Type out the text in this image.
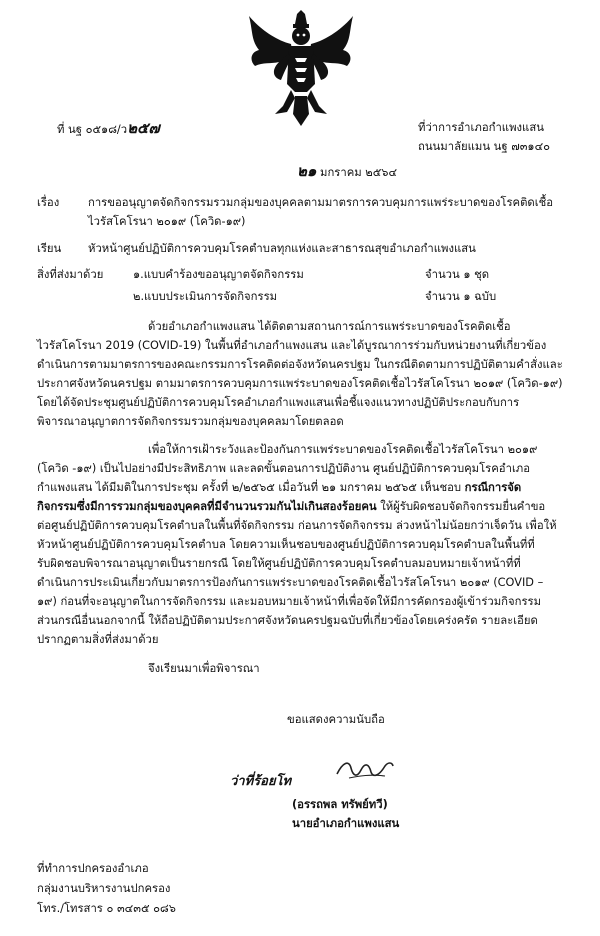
ที่ นฐ ๐๕๑๘/ว๒๕๗	ที่ว่าการอำเภอกำแพงแสน
ถนนมาลัยแมน นฐ ๗๓๑๔๐
๒๑ มกราคม ๒๕๖๔
เรื่อง	การขออนุญาตจัดกิจกรรมรวมกลุ่มของบุคคลตามมาตรการควบคุมการแพร่ระบาดของโรคติดเชื้อ
ไวรัสโคโรนา ๒๐๑๙ (โควิด-๑๙)
เรียน หัวหน้าศูนย์ปฏิบัติการควบคุมโรคตำบลทุกแห่งและสาธารณสุขอำเภอกำแพงแสน
สิ่งที่ส่งมาด้วย	๑.แบบคำร้องขออนุญาตจัดกิจกรรม	จำนวน ๑ ชุด
๒.แบบประเมินการจัดกิจกรรม	จำนวน ๑ ฉบับ
ด้วยอำเภอกำแพงแสน ได้ติดตามสถานการณ์การแพร่ระบาดของโรคติดเชื้อ
ไวรัสโคโรนา 2019 (COVID-19) ในพื้นที่อำเภอกำแพงแสน และได้บูรณาการร่วมกับหน่วยงานที่เกี่ยวข้อง
ดำเนินการตามมาตรการของคณะกรรมการโรคติดต่อจังหวัดนครปฐม ในกรณีติดตามการปฏิบัติตามคำสั่งและ
ประกาศจังหวัดนครปฐม ตามมาตรการควบคุมการแพร่ระบาดของโรคติดเชื้อไวรัสโคโรนา ๒๐๑๙ (โควิด-๑๙)
โดยได้จัดประชุมศูนย์ปฏิบัติการควบคุมโรคอำเภอกำแพงแสนเพื่อชี้แจงแนวทางปฏิบัติประกอบกับการ
พิจารณาอนุญาตการจัดกิจกรรมรวมกลุ่มของบุคคลมาโดยตลอด
เพื่อให้การเฝ้าระวังและป้องกันการแพร่ระบาดของโรคติดเชื้อไวรัสโคโรนา ๒๐๑๙
(โควิด -๑๙) เป็นไปอย่างมีประสิทธิภาพ และลดขั้นตอนการปฏิบัติงาน ศูนย์ปฏิบัติการควบคุมโรคอำเภอ
กำแพงแสน ได้มีมติในการประชุม ครั้งที่ ๒/๒๕๖๕ เมื่อวันที่ ๒๑ มกราคม ๒๕๖๕ เห็นชอบ กรณีการจัด
กิจกรรมซึ่งมีการรวมกลุ่มของบุคคลที่มีจำนวนรวมกันไม่เกินสองร้อยคน ให้ผู้รับผิดชอบจัดกิจกรรมยื่นคำขอ
ต่อศูนย์ปฏิบัติการควบคุมโรคตำบลในพื้นที่จัดกิจกรรม ก่อนการจัดกิจกรรม ล่วงหน้าไม่น้อยกว่าเจ็ดวัน เพื่อให้
หัวหน้าศูนย์ปฏิบัติการควบคุมโรคตำบล โดยความเห็นชอบของศูนย์ปฏิบัติการควบคุมโรคตำบลในพื้นที่ที่
รับผิดชอบพิจารณาอนุญาตเป็นรายกรณี โดยให้ศูนย์ปฏิบัติการควบคุมโรคตำบลมอบหมายเจ้าหน้าที่ที่
ดำเนินการประเมินเกี่ยวกับมาตรการป้องกันการแพร่ระบาดของโรคติดเชื้อไวรัสโคโรนา ๒๐๑๙ (COVID –
๑๙) ก่อนที่จะอนุญาตในการจัดกิจกรรม และมอบหมายเจ้าหน้าที่เพื่อจัดให้มีการคัดกรองผู้เข้าร่วมกิจกรรม
ส่วนกรณีอื่นนอกจากนี้ ให้ถือปฏิบัติตามประกาศจังหวัดนครปฐมฉบับที่เกี่ยวข้องโดยเคร่งครัด รายละเอียด
ปรากฏตามสิ่งที่ส่งมาด้วย
จึงเรียนมาเพื่อพิจารณา
ขอแสดงความนับถือ
ว่าที่ร้อยโท
(อรรถพล ทรัพย์ทวี)
นายอำเภอกำแพงแสน
ที่ทำการปกครองอำเภอ
กลุ่มงานบริหารงานปกครอง
โทร./โทรสาร ๐ ๓๔๓๕ ๐๘๖
